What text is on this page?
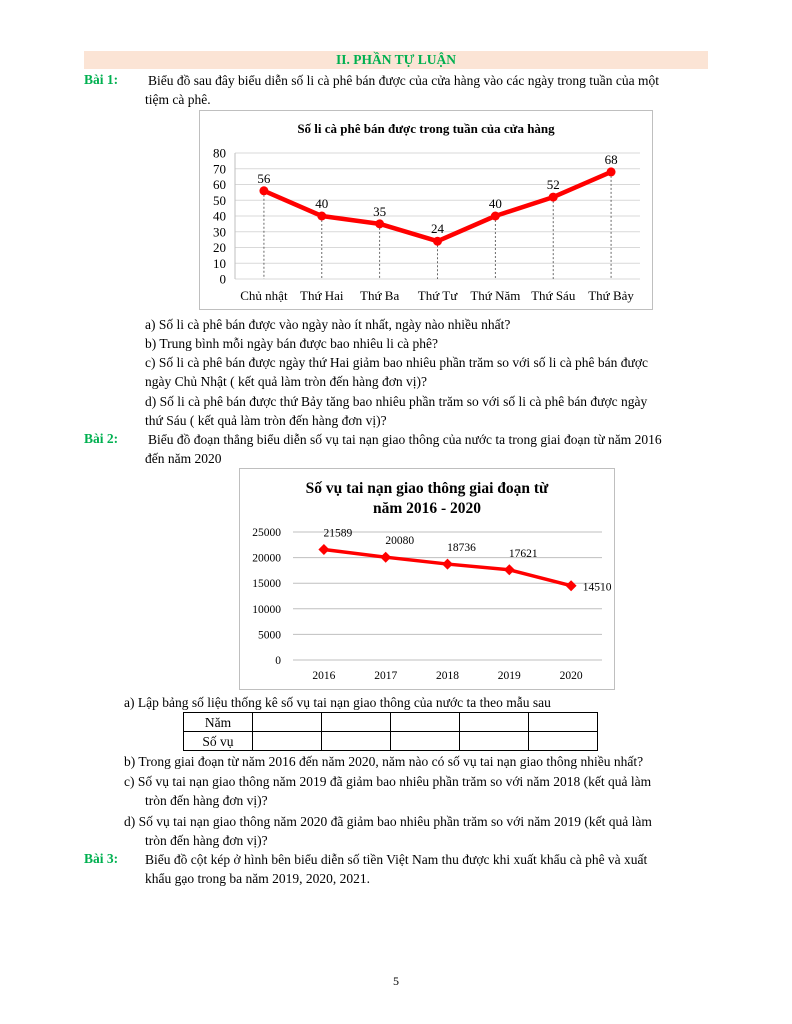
II. PHẦN TỰ LUẬN
Bài 1: Biểu đồ sau đây biểu diễn số li cà phê bán được của cửa hàng vào các ngày trong tuần của một
tiệm cà phê.
Số li cà phê bán được trong tuần của cửa hàng
0
10
20
30
40
50
60
70
80
Chủ nhật Thứ Hai Thứ Ba Thứ Tư Thứ Năm Thứ Sáu Thứ Bảy
56
40
35
24
40
52
68
a) Số li cà phê bán được vào ngày nào ít nhất, ngày nào nhiều nhất?
b) Trung bình mỗi ngày bán được bao nhiêu li cà phê?
c) Số li cà phê bán được ngày thứ Hai giảm bao nhiêu phần trăm so với số li cà phê bán được
ngày Chủ Nhật ( kết quả làm tròn đến hàng đơn vị)?
d) Số li cà phê bán được thứ Bảy tăng bao nhiêu phần trăm so với số li cà phê bán được ngày
thứ Sáu ( kết quả làm tròn đến hàng đơn vị)?
Bài 2: Biểu đồ đoạn thẳng biểu diễn số vụ tai nạn giao thông của nước ta trong giai đoạn từ năm 2016
đến năm 2020
Số vụ tai nạn giao thông giai đoạn từ
năm 2016 - 2020
0
5000
10000
15000
20000
25000
2016	2017	2018	2019	2020
21589
20080
18736	17621
14510
a) Lập bảng số liệu thống kê số vụ tai nạn giao thông của nước ta theo mẫu sau
Năm					
Số vụ					
b) Trong giai đoạn từ năm 2016 đến năm 2020, năm nào có số vụ tai nạn giao thông nhiều nhất?
c) Số vụ tai nạn giao thông năm 2019 đã giảm bao nhiêu phần trăm so với năm 2018 (kết quả làm
tròn đến hàng đơn vị)?
d) Số vụ tai nạn giao thông năm 2020 đã giảm bao nhiêu phần trăm so với năm 2019 (kết quả làm
tròn đến hàng đơn vị)?
Bài 3: Biểu đồ cột kép ở hình bên biểu diễn số tiền Việt Nam thu được khi xuất khẩu cà phê và xuất
khẩu gạo trong ba năm 2019, 2020, 2021.
5
